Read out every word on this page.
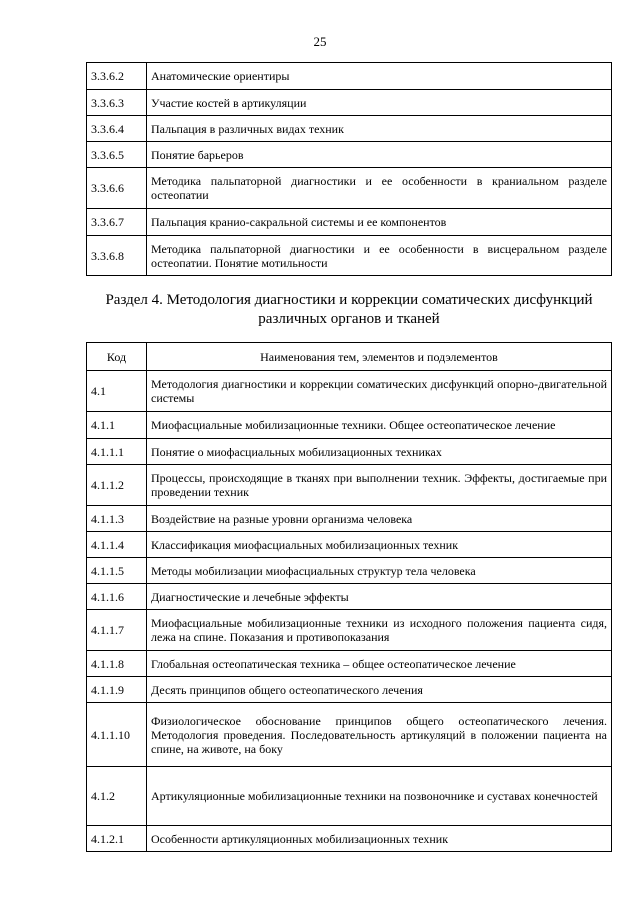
25
3.3.6.2	Анатомические ориентиры
3.3.6.3	Участие костей в артикуляции
3.3.6.4	Пальпация в различных видах техник
3.3.6.5	Понятие барьеров
3.3.6.6	Методика пальпаторной диагностики и ее особенности в краниальном разделе остеопатии
3.3.6.7	Пальпация кранио-сакральной системы и ее компонентов
3.3.6.8	Методика пальпаторной диагностики и ее особенности в висцеральном разделе остеопатии. Понятие мотильности
Раздел 4. Методология диагностики и коррекции соматических дисфункций различных органов и тканей
Код	Наименования тем, элементов и подэлементов
4.1	Методология диагностики и коррекции соматических дисфункций опорно-двигательной системы
4.1.1	Миофасциальные мобилизационные техники. Общее остеопатическое лечение
4.1.1.1	Понятие о миофасциальных мобилизационных техниках
4.1.1.2	Процессы, происходящие в тканях при выполнении техник. Эффекты, достигаемые при проведении техник
4.1.1.3	Воздействие на разные уровни организма человека
4.1.1.4	Классификация миофасциальных мобилизационных техник
4.1.1.5	Методы мобилизации миофасциальных структур тела человека
4.1.1.6	Диагностические и лечебные эффекты
4.1.1.7	Миофасциальные мобилизационные техники из исходного положения пациента сидя, лежа на спине. Показания и противопоказания
4.1.1.8	Глобальная остеопатическая техника – общее остеопатическое лечение
4.1.1.9	Десять принципов общего остеопатического лечения
4.1.1.10	Физиологическое обоснование принципов общего остеопатического лечения. Методология проведения. Последовательность артикуляций в положении пациента на спине, на животе, на боку
4.1.2	Артикуляционные мобилизационные техники на позвоночнике и суставах конечностей
4.1.2.1	Особенности артикуляционных мобилизационных техник
